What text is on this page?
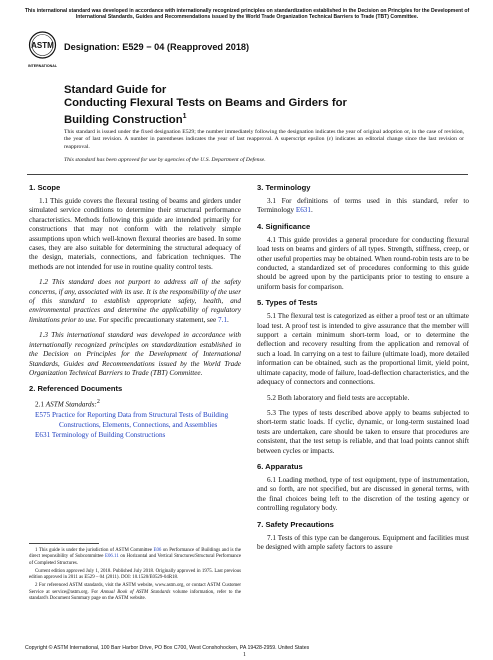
This international standard was developed in accordance with internationally recognized principles on standardization established in the Decision on Principles for the Development of International Standards, Guides and Recommendations issued by the World Trade Organization Technical Barriers to Trade (TBT) Committee.
ASTM
INTERNATIONAL
Designation: E529 − 04 (Reapproved 2018)
Standard Guide for
Conducting Flexural Tests on Beams and Girders for
Building Construction$^1$
This standard is issued under the fixed designation E529; the number immediately following the designation indicates the year of original adoption or, in the case of revision, the year of last revision. A number in parentheses indicates the year of last reapproval. A superscript epsilon (ε) indicates an editorial change since the last revision or reapproval.
This standard has been approved for use by agencies of the U.S. Department of Defense.
1. Scope

1.1 This guide covers the flexural testing of beams and girders under simulated service conditions to determine their structural performance characteristics. Methods following this guide are intended primarily for constructions that may not conform with the relatively simple assumptions upon which well-known flexural theories are based. In some cases, they are also suitable for determining the structural adequacy of the design, materials, connections, and fabrication techniques. The methods are not intended for use in routine quality control tests.

1.2 This standard does not purport to address all of the safety concerns, if any, associated with its use. It is the responsibility of the user of this standard to establish appropriate safety, health, and environmental practices and determine the applicability of regulatory limitations prior to use. For specific precautionary statement, see 7.1.

1.3 This international standard was developed in accordance with internationally recognized principles on standardization established in the Decision on Principles for the Development of International Standards, Guides and Recommendations issued by the World Trade Organization Technical Barriers to Trade (TBT) Committee.

2. Referenced Documents
2.1 ASTM Standards:$^2$
E575 Practice for Reporting Data from Structural Tests of Building Constructions, Elements, Connections, and Assemblies
E631 Terminology of Building Constructions

1 This guide is under the jurisdiction of ASTM Committee E06 on Performance of Buildings and is the direct responsibility of Subcommittee E06.11 on Horizontal and Vertical Structures/Structural Performance of Completed Structures.

Current edition approved July 1, 2018. Published July 2018. Originally approved in 1975. Last previous edition approved in 2011 as E529 – 04 (2011). DOI: 10.1520/E0529-04R18.

2 For referenced ASTM standards, visit the ASTM website, www.astm.org, or contact ASTM Customer Service at service@astm.org. For Annual Book of ASTM Standards volume information, refer to the standard's Document Summary page on the ASTM website.

3. Terminology

3.1 For definitions of terms used in this standard, refer to Terminology E631.

4. Significance

4.1 This guide provides a general procedure for conducting flexural load tests on beams and girders of all types. Strength, stiffness, creep, or other useful properties may be obtained. When round-robin tests are to be conducted, a standardized set of procedures conforming to this guide should be agreed upon by the participants prior to testing to ensure a uniform basis for comparison.

5. Types of Tests

5.1 The flexural test is categorized as either a proof test or an ultimate load test. A proof test is intended to give assurance that the member will support a certain minimum short-term load, or to determine the deflection and recovery resulting from the application and removal of such a load. In carrying on a test to failure (ultimate load), more detailed information can be obtained, such as the proportional limit, yield point, ultimate capacity, mode of failure, load-deflection characteristics, and the adequacy of connectors and connections.

5.2 Both laboratory and field tests are acceptable.

5.3 The types of tests described above apply to beams subjected to short-term static loads. If cyclic, dynamic, or long-term sustained load tests are undertaken, care should be taken to ensure that procedures are consistent, that the test setup is reliable, and that load points cannot shift between cycles or impacts.

6. Apparatus

6.1 Loading method, type of test equipment, type of instrumentation, and so forth, are not specified, but are discussed in general terms, with the final choices being left to the discretion of the testing agency or controlling regulatory body.

7. Safety Precautions

7.1 Tests of this type can be dangerous. Equipment and facilities must be designed with ample safety factors to assure

Copyright © ASTM International, 100 Barr Harbor Drive, PO Box C700, West Conshohocken, PA 19428-2959. United States
1
